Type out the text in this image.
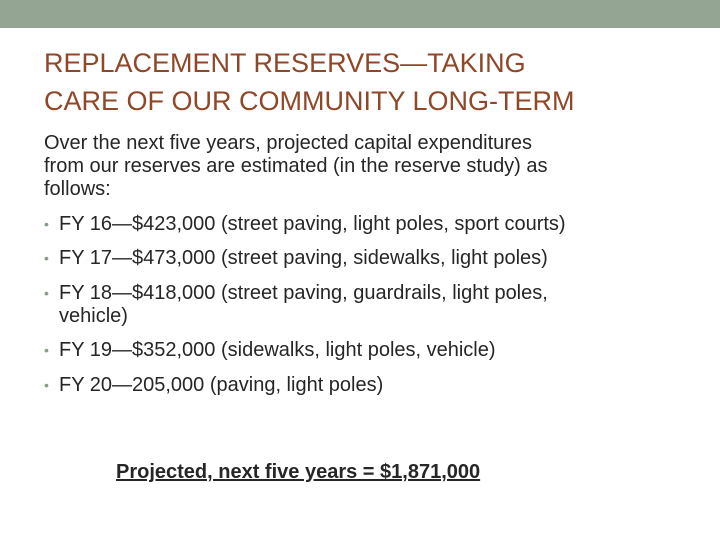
REPLACEMENT RESERVES—TAKING
CARE OF OUR COMMUNITY LONG-TERM
Over the next five years, projected capital expenditures
from our reserves are estimated (in the reserve study) as
follows:
• FY 16—$423,000 (street paving, light poles, sport courts)
• FY 17—$473,000 (street paving, sidewalks, light poles)
• FY 18—$418,000 (street paving, guardrails, light poles,
vehicle)
• FY 19—$352,000 (sidewalks, light poles, vehicle)
• FY 20—205,000 (paving, light poles)
Projected, next five years = $1,871,000
